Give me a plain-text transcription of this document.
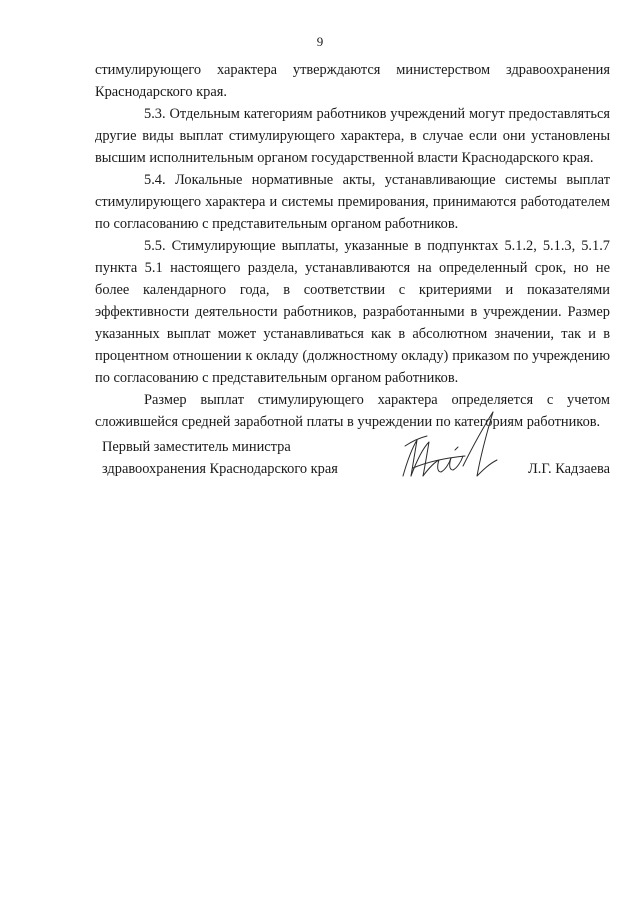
9

стимулирующего характера утверждаются министерством здравоохранения Краснодарского края.

5.3. Отдельным категориям работников учреждений могут предоставляться другие виды выплат стимулирующего характера, в случае если они установлены высшим исполнительным органом государственной власти Краснодарского края.

5.4. Локальные нормативные акты, устанавливающие системы выплат стимулирующего характера и системы премирования, принимаются работодателем по согласованию с представительным органом работников.

5.5. Стимулирующие выплаты, указанные в подпунктах 5.1.2, 5.1.3, 5.1.7 пункта 5.1 настоящего раздела, устанавливаются на определенный срок, но не более календарного года, в соответствии с критериями и показателями эффективности деятельности работников, разработанными в учреждении. Размер указанных выплат может устанавливаться как в абсолютном значении, так и в процентном отношении к окладу (должностному окладу) приказом по учреждению по согласованию с представительным органом работников.

Размер выплат стимулирующего характера определяется с учетом сложившейся средней заработной платы в учреждении по категориям работников.

Первый заместитель министра
здравоохранения Краснодарского края	Л.Г. Кадзаева
